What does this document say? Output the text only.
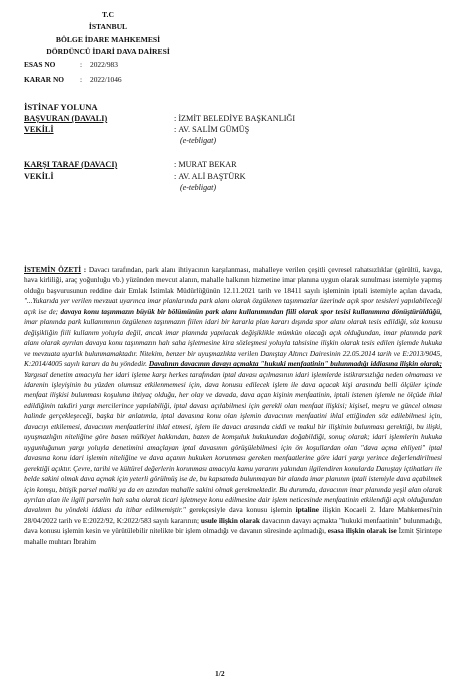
T.C
İSTANBUL
BÖLGE İDARE MAHKEMESİ
DÖRDÜNCÜ İDARİ DAVA DAİRESİ
ESAS NO	: 2022/983
KARAR NO : 2022/1046
İSTİNAF YOLUNA
BAŞVURAN (DAVALI)	: İZMİT BELEDİYE BAŞKANLIĞI
VEKİLİ	: AV. SALİM GÜMÜŞ
(e-tebligat)
KARŞI TARAF (DAVACI)	: MURAT BEKAR
VEKİLİ	: AV. ALİ BAŞTÜRK
(e-tebligat)
İSTEMİN ÖZETİ : Davacı tarafından, park alanı ihtiyacının karşılanması, mahalleye verilen çeşitli çevresel rahatsızlıklar (gürültü, kavga, hava kirliliği, araç yoğunluğu vb.) yüzünden mevcut alanın, mahalle halkının hizmetine imar planına uygun olarak sunulması istemiyle yapmış olduğu başvurusunun reddine dair Emlak İstimlak Müdürlüğünün 12.11.2021 tarih ve 18411 sayılı işleminin iptali istemiyle açılan davada, "...Yukarıda yer verilen mevzuat uyarınca imar planlarında park alanı olarak özgülenen taşınmazlar üzerinde açık spor tesisleri yapılabileceği açık ise de; davaya konu taşınmazın büyük bir bölümünün park alanı kullanımından fiili olarak spor tesisi kullanımına dönüştürüldüğü, imar planında park kullanımının özgülenen taşınmazın fiilen idari bir kararla plan kararı dışında spor alanı olarak tesis edildiği, söz konusu değişikliğin fiili kullanım yoluyla değil, ancak imar planında yapılacak değişiklikle mümkün olacağı açık olduğundan, imar planında park alanı olarak ayrılan davaya konu taşınmazın halı saha işletmesine kira sözleşmesi yoluyla tahsisine ilişkin olarak tesis edilen işlemde hukuka ve mevzuata uyarlık bulunmamaktadır. Nitekim, benzer bir uyuşmazlıkta verilen Danıştay Altıncı Dairesinin 22.05.2014 tarih ve E:2013/9045, K:2014/4005 sayılı kararı da bu yöndedir. Davalının davacının davayı açmakta "hukuki menfaatinin" bulunmadığı iddiasına ilişkin olarak; Yargısal denetim amacıyla her idari işleme karşı herkes tarafından iptal davası açılmasının idari işlemlerde istikrarsızlığa neden olmaması ve idarenin işleyişinin bu yüzden olumsuz etkilenmemesi için, dava konusu edilecek işlem ile dava açacak kişi arasında belli ölçüler içinde menfaat ilişkisi bulunması koşuluna ihtiyaç olduğu, her olay ve davada, dava açan kişinin menfaatinin, iptali istenen işlemle ne ölçüde ihlal edildiğinin takdiri yargı mercilerince yapılabiliği, iptal davası açılabilmesi için gerekli olan menfaat ilişkisi; kişisel, meşru ve güncel olması halinde gerçekleşeceği, başka bir anlatımla, iptal davasına konu olan işlemin davacının menfaatini ihlal ettiğinden söz edilebilmesi için, davacıyı etkilemesi, davacının menfaatlerini ihlal etmesi, işlem ile davacı arasında ciddi ve makul bir ilişkinin bulunması gerektiği, bu ilişki, uyuşmazlığın niteliğine göre basen mülkiyet hakkından, bazen de komşuluk hukukundan doğabildiği, sonuç olarak; idari işlemlerin hukuka uygunluğunun yargı yoluyla denetimini amaçlayan iptal davasının görüşülebilmesi için ön koşullardan olan "dava açma ehliyeti" iptal davasına konu idari işlemin niteliğine ve dava açanın hukuken korunması gereken menfaatlerine göre idari yargı yerince değerlendirilmesi gerektiği açıktır. Çevre, tarihi ve kültürel değerlerin korunması amacıyla kamu yararını yakından ilgilendiren konularda Danıştay içtihatları ile belde sakini olmak dava açmak için yeterli görülmüş ise de, bu kapsamda bulunmayan bir alanda imar planının iptali istemiyle dava açabilmek için komşu, bitişik parsel maliki ya da en azından mahalle sakini olmak gerekmektedir. Bu durumda, davacının imar planında yeşil alan olarak ayrılan alan ile ilgili parselin halı saha olarak ticari işletmeye konu edilmesine dair işlem neticesinde menfaatinin etkilendiği açık olduğundan davalının bu yöndeki iddiası da itibar edilmemiştir." gerekçesiyle dava konusu işlemin iptaline ilişkin Kocaeli 2. İdare Mahkemesi'nin 28/04/2022 tarih ve E:2022/92, K:2022/583 sayılı kararının; usule ilişkin olarak davacının davayı açmakta "hukuki menfaatinin" bulunmadığı, dava konusu işlemin kesin ve yürütülebilir nitelikte bir işlem olmadığı ve davanın süresinde açılmadığı, esasa ilişkin olarak ise İzmit Şirintepe mahalle muhtarı İbrahim
1/2
